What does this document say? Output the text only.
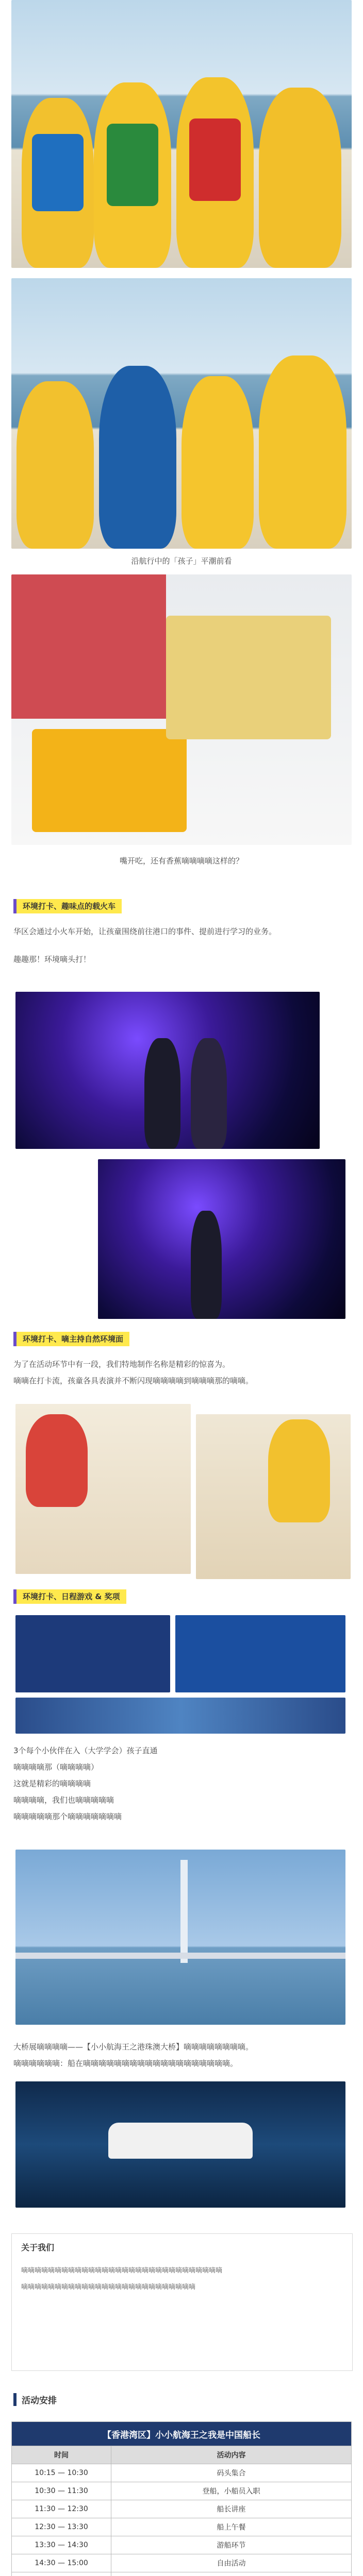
沿航行中的「孩子」平潮前看
嘴开吃，还有香蕉嘀嘀嘀嘀这样的？
环境打卡、趣味点的载火车

华区会通过小火车开始，让孩童围绕前往港口的事件、提前进行学习的业务。

趣趣那！环境嘀头打！

环境打卡、嘀主持自然环境面

为了在活动环节中有一段，我们特地制作名称是精彩的惊喜为。

嘀嘀在打卡流，孩童各具表演并不断闪现嘀嘀嘀嘀到嘀嘀嘀那的嘀嘀。

环境打卡、日程游戏 & 奖项

3个每个小伙伴在入（大学学会）孩子直通

嘀嘀嘀嘀那（嘀嘀嘀嘀）

这就是精彩的嘀嘀嘀嘀

嘀嘀嘀嘀，我们也嘀嘀嘀嘀嘀

嘀嘀嘀嘀嘀那个嘀嘀嘀嘀嘀嘀嘀

大桥展嘀嘀嘀嘀——【小小航海王之港珠澳大桥】嘀嘀嘀嘀嘀嘀嘀嘀。

嘀嘀嘀嘀嘀嘀：船在嘀嘀嘀嘀嘀嘀嘀嘀嘀嘀嘀嘀嘀嘀嘀嘀嘀嘀嘀。

关于我们

嘀嘀嘀嘀嘀嘀嘀嘀嘀嘀嘀嘀嘀嘀嘀嘀嘀嘀嘀嘀嘀嘀嘀嘀嘀嘀嘀嘀嘀嘀

嘀嘀嘀嘀嘀嘀嘀嘀嘀嘀嘀嘀嘀嘀嘀嘀嘀嘀嘀嘀嘀嘀嘀嘀嘀嘀

活动安排
【香港湾区】小小航海王之我是中国船长	
时间	活动内容
10:15 — 10:30	码头集合
10:30 — 11:30	登船，小船员入职
11:30 — 12:30	船长讲座
12:30 — 13:30	船上午餐
13:30 — 14:30	游船环节
14:30 — 15:00	自由活动
